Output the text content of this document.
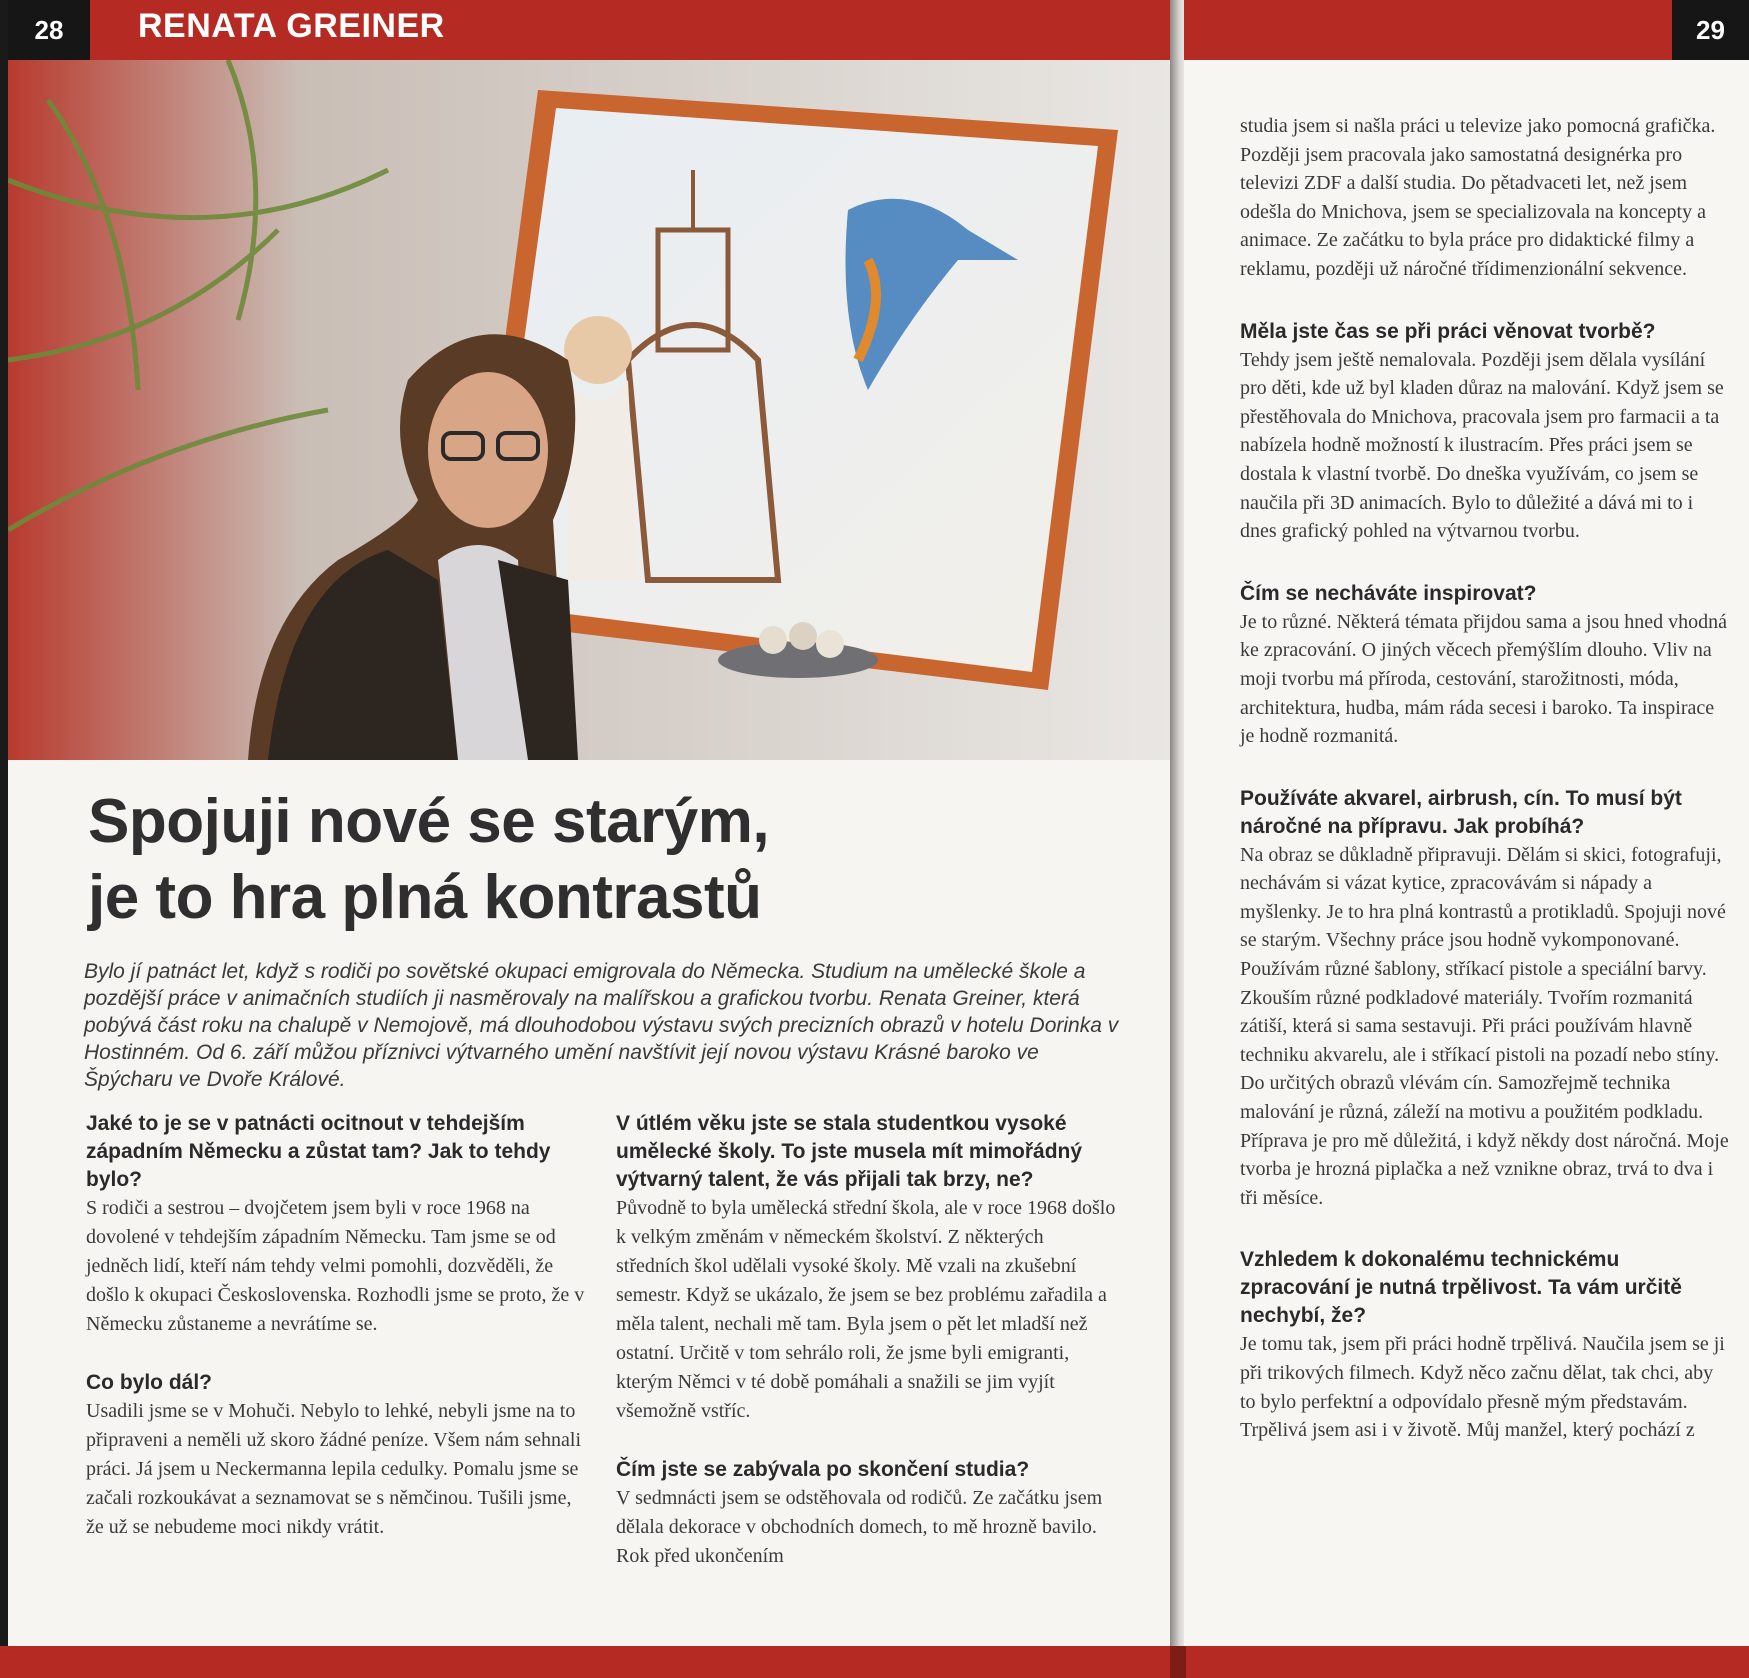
28	RENATA GREINER
Spojuji nové se starým,
je to hra plná kontrastů

Bylo jí patnáct let, když s rodiči po sovětské okupaci emigrovala do Německa. Studium na umělecké škole a pozdější práce v animačních studiích ji nasměrovaly na malířskou a grafickou tvorbu. Renata Greiner, která pobývá část roku na chalupě v Nemojově, má dlouhodobou výstavu svých precizních obrazů v hotelu Dorinka v Hostinném. Od 6. září můžou příznivci výtvarného umění navštívit její novou výstavu Krásné baroko ve Špýcharu ve Dvoře Králové.

Jaké to je se v patnácti ocitnout v tehdejším západním Německu a zůstat tam? Jak to tehdy bylo?

S rodiči a sestrou – dvojčetem jsem byli v roce 1968 na dovolené v tehdejším západním Německu. Tam jsme se od jedněch lidí, kteří nám tehdy velmi pomohli, dozvěděli, že došlo k okupaci Československa. Rozhodli jsme se proto, že v Německu zůstaneme a nevrátíme se.

Co bylo dál?

Usadili jsme se v Mohuči. Nebylo to lehké, nebyli jsme na to připraveni a neměli už skoro žádné peníze. Všem nám sehnali práci. Já jsem u Neckermanna lepila cedulky. Pomalu jsme se začali rozkoukávat a seznamovat se s němčinou. Tušili jsme, že už se nebudeme moci nikdy vrátit.

V útlém věku jste se stala studentkou vysoké umělecké školy. To jste musela mít mimořádný výtvarný talent, že vás přijali tak brzy, ne?

Původně to byla umělecká střední škola, ale v roce 1968 došlo k velkým změnám v německém školství. Z některých středních škol udělali vysoké školy. Mě vzali na zkušební semestr. Když se ukázalo, že jsem se bez problému zařadila a měla talent, nechali mě tam. Byla jsem o pět let mladší než ostatní. Určitě v tom sehrálo roli, že jsme byli emigranti, kterým Němci v té době pomáhali a snažili se jim vyjít všemožně vstříc.

Čím jste se zabývala po skončení studia?

V sedmnácti jsem se odstěhovala od rodičů. Ze začátku jsem dělala dekorace v obchodních domech, to mě hrozně bavilo. Rok před ukončením

29

studia jsem si našla práci u televize jako pomocná grafička. Později jsem pracovala jako samostatná designérka pro televizi ZDF a další studia. Do pětadvaceti let, než jsem odešla do Mnichova, jsem se specializovala na koncepty a animace. Ze začátku to byla práce pro didaktické filmy a reklamu, později už náročné třídimenzionální sekvence.

Měla jste čas se při práci věnovat tvorbě?

Tehdy jsem ještě nemalovala. Později jsem dělala vysílání pro děti, kde už byl kladen důraz na malování. Když jsem se přestěhovala do Mnichova, pracovala jsem pro farmacii a ta nabízela hodně možností k ilustracím. Přes práci jsem se dostala k vlastní tvorbě. Do dneška využívám, co jsem se naučila při 3D animacích. Bylo to důležité a dává mi to i dnes grafický pohled na výtvarnou tvorbu.

Čím se necháváte inspirovat?

Je to různé. Některá témata přijdou sama a jsou hned vhodná ke zpracování. O jiných věcech přemýšlím dlouho. Vliv na moji tvorbu má příroda, cestování, starožitnosti, móda, architektura, hudba, mám ráda secesi i baroko. Ta inspirace je hodně rozmanitá.

Používáte akvarel, airbrush, cín. To musí být náročné na přípravu. Jak probíhá?

Na obraz se důkladně připravuji. Dělám si skici, fotografuji, nechávám si vázat kytice, zpracovávám si nápady a myšlenky. Je to hra plná kontrastů a protikladů. Spojuji nové se starým. Všechny práce jsou hodně vykomponované. Používám různé šablony, stříkací pistole a speciální barvy. Zkouším různé podkladové materiály. Tvořím rozmanitá zátiší, která si sama sestavuji. Při práci používám hlavně techniku akvarelu, ale i stříkací pistoli na pozadí nebo stíny. Do určitých obrazů vlévám cín. Samozřejmě technika malování je různá, záleží na motivu a použitém podkladu. Příprava je pro mě důležitá, i když někdy dost náročná. Moje tvorba je hrozná piplačka a než vznikne obraz, trvá to dva i tři měsíce.

Vzhledem k dokonalému technickému zpracování je nutná trpělivost. Ta vám určitě nechybí, že?

Je tomu tak, jsem při práci hodně trpělivá. Naučila jsem se ji při trikových filmech. Když něco začnu dělat, tak chci, aby to bylo perfektní a odpovídalo přesně mým představám. Trpělivá jsem asi i v životě. Můj manžel, který pochází z
